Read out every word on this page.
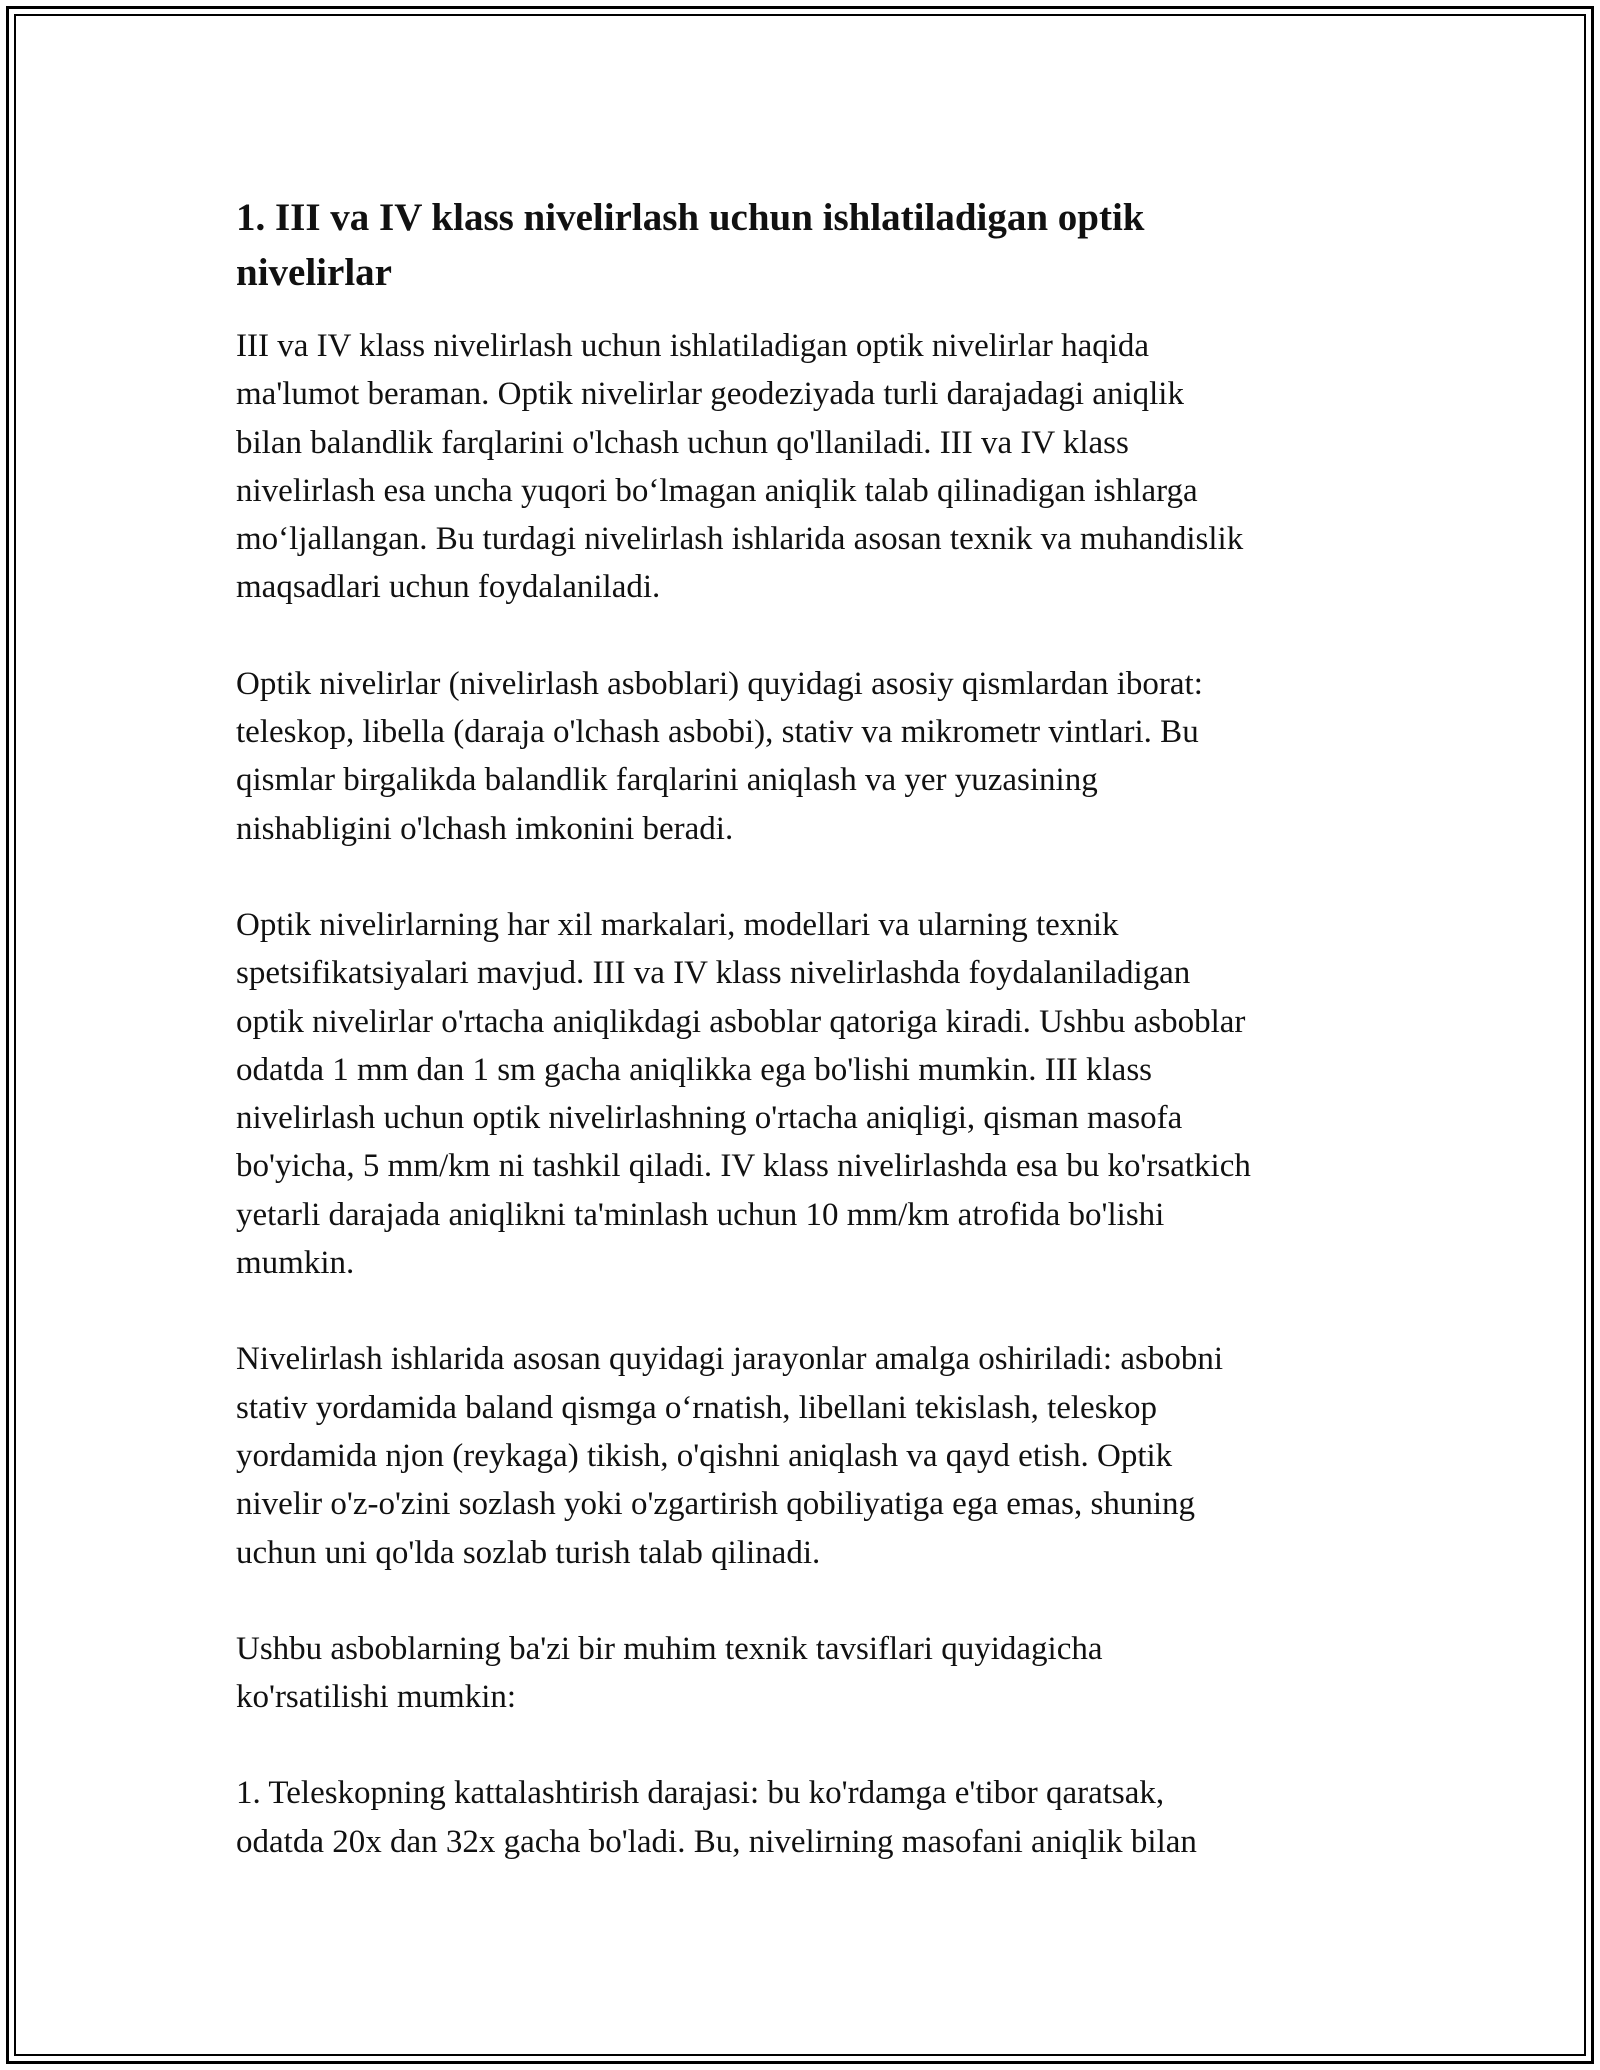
1. III va IV klass nivelirlash uchun ishlatiladigan optik
nivelirlar

III va IV klass nivelirlash uchun ishlatiladigan optik nivelirlar haqida
ma'lumot beraman. Optik nivelirlar geodeziyada turli darajadagi aniqlik
bilan balandlik farqlarini o'lchash uchun qo'llaniladi. III va IV klass
nivelirlash esa uncha yuqori bo‘lmagan aniqlik talab qilinadigan ishlarga
mo‘ljallangan. Bu turdagi nivelirlash ishlarida asosan texnik va muhandislik
maqsadlari uchun foydalaniladi.

Optik nivelirlar (nivelirlash asboblari) quyidagi asosiy qismlardan iborat:
teleskop, libella (daraja o'lchash asbobi), stativ va mikrometr vintlari. Bu
qismlar birgalikda balandlik farqlarini aniqlash va yer yuzasining
nishabligini o'lchash imkonini beradi.

Optik nivelirlarning har xil markalari, modellari va ularning texnik
spetsifikatsiyalari mavjud. III va IV klass nivelirlashda foydalaniladigan
optik nivelirlar o'rtacha aniqlikdagi asboblar qatoriga kiradi. Ushbu asboblar
odatda 1 mm dan 1 sm gacha aniqlikka ega bo'lishi mumkin. III klass
nivelirlash uchun optik nivelirlashning o'rtacha aniqligi, qisman masofa
bo'yicha, 5 mm/km ni tashkil qiladi. IV klass nivelirlashda esa bu ko'rsatkich
yetarli darajada aniqlikni ta'minlash uchun 10 mm/km atrofida bo'lishi
mumkin.

Nivelirlash ishlarida asosan quyidagi jarayonlar amalga oshiriladi: asbobni
stativ yordamida baland qismga o‘rnatish, libellani tekislash, teleskop
yordamida njon (reykaga) tikish, o'qishni aniqlash va qayd etish. Optik
nivelir o'z-o'zini sozlash yoki o'zgartirish qobiliyatiga ega emas, shuning
uchun uni qo'lda sozlab turish talab qilinadi.

Ushbu asboblarning ba'zi bir muhim texnik tavsiflari quyidagicha
ko'rsatilishi mumkin:

1. Teleskopning kattalashtirish darajasi: bu ko'rdamga e'tibor qaratsak,
odatda 20x dan 32x gacha bo'ladi. Bu, nivelirning masofani aniqlik bilan
